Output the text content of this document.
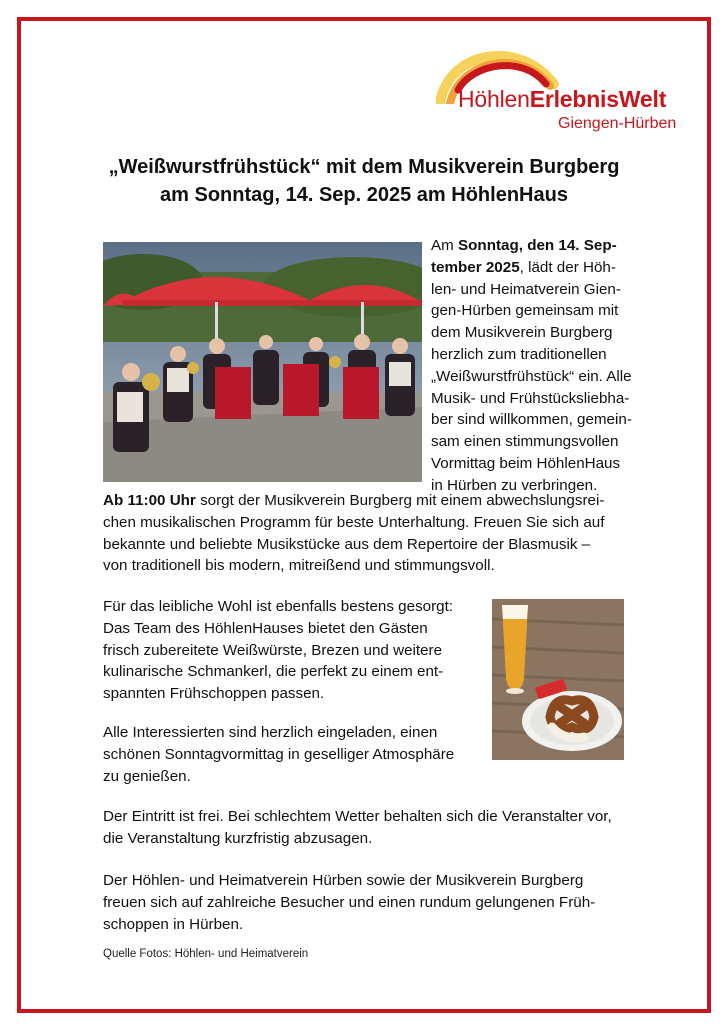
HöhlenErlebnisWelt
Giengen-Hürben
„Weißwurstfrühstück“ mit dem Musikverein Burgberg
am Sonntag, 14. Sep. 2025 am HöhlenHaus
Am Sonntag, den 14. Sep-
tember 2025, lädt der Höh-
len- und Heimatverein Gien-
gen-Hürben gemeinsam mit
dem Musikverein Burgberg
herzlich zum traditionellen
„Weißwurstfrühstück“ ein. Alle
Musik- und Frühstücksliebha-
ber sind willkommen, gemein-
sam einen stimmungsvollen
Vormittag beim HöhlenHaus
in Hürben zu verbringen.
Ab 11:00 Uhr sorgt der Musikverein Burgberg mit einem abwechslungsrei-
chen musikalischen Programm für beste Unterhaltung. Freuen Sie sich auf
bekannte und beliebte Musikstücke aus dem Repertoire der Blasmusik –
von traditionell bis modern, mitreißend und stimmungsvoll.
Für das leibliche Wohl ist ebenfalls bestens gesorgt:
Das Team des HöhlenHauses bietet den Gästen
frisch zubereitete Weißwürste, Brezen und weitere
kulinarische Schmankerl, die perfekt zu einem ent-
spannten Frühschoppen passen.
Alle Interessierten sind herzlich eingeladen, einen
schönen Sonntagvormittag in geselliger Atmosphäre
zu genießen.
Der Eintritt ist frei. Bei schlechtem Wetter behalten sich die Veranstalter vor,
die Veranstaltung kurzfristig abzusagen.
Der Höhlen- und Heimatverein Hürben sowie der Musikverein Burgberg
freuen sich auf zahlreiche Besucher und einen rundum gelungenen Früh-
schoppen in Hürben.
Quelle Fotos: Höhlen- und Heimatverein
